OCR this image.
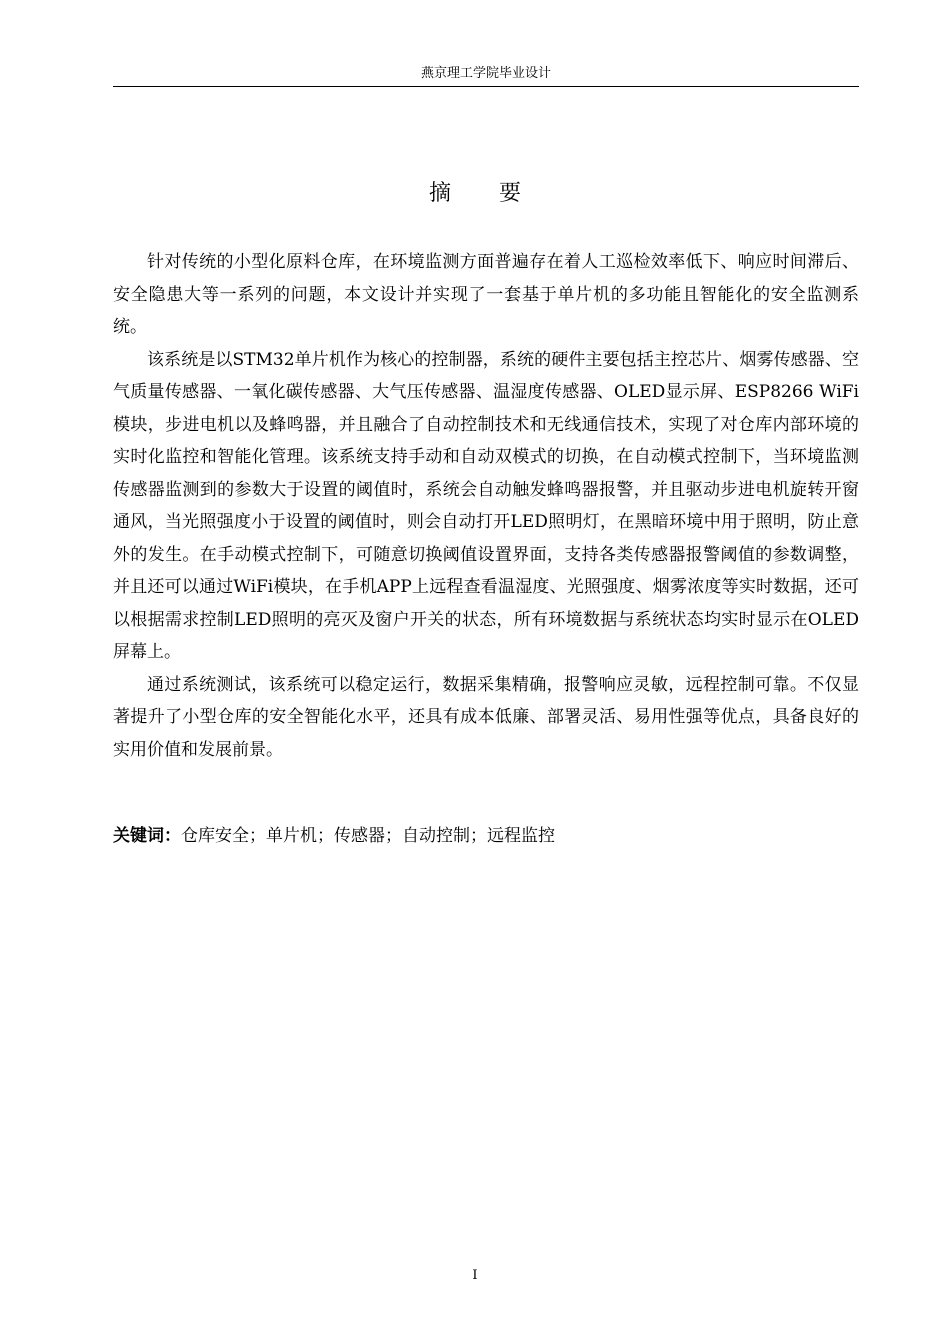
燕京理工学院毕业设计
摘 要

针对传统的小型化原料仓库，在环境监测方面普遍存在着人工巡检效率低下、响应时间滞后、安全隐患大等一系列的问题，本文设计并实现了一套基于单片机的多功能且智能化的安全监测系统。

该系统是以STM32单片机作为核心的控制器，系统的硬件主要包括主控芯片、烟雾传感器、空气质量传感器、一氧化碳传感器、大气压传感器、温湿度传感器、OLED显示屏、ESP8266 WiFi模块，步进电机以及蜂鸣器，并且融合了自动控制技术和无线通信技术，实现了对仓库内部环境的实时化监控和智能化管理。该系统支持手动和自动双模式的切换，在自动模式控制下，当环境监测传感器监测到的参数大于设置的阈值时，系统会自动触发蜂鸣器报警，并且驱动步进电机旋转开窗通风，当光照强度小于设置的阈值时，则会自动打开LED照明灯，在黑暗环境中用于照明，防止意外的发生。在手动模式控制下，可随意切换阈值设置界面，支持各类传感器报警阈值的参数调整，并且还可以通过WiFi模块，在手机APP上远程查看温湿度、光照强度、烟雾浓度等实时数据，还可以根据需求控制LED照明的亮灭及窗户开关的状态，所有环境数据与系统状态均实时显示在OLED屏幕上。

通过系统测试，该系统可以稳定运行，数据采集精确，报警响应灵敏，远程控制可靠。不仅显著提升了小型仓库的安全智能化水平，还具有成本低廉、部署灵活、易用性强等优点，具备良好的实用价值和发展前景。

关键词：仓库安全；单片机；传感器；自动控制；远程监控
I
